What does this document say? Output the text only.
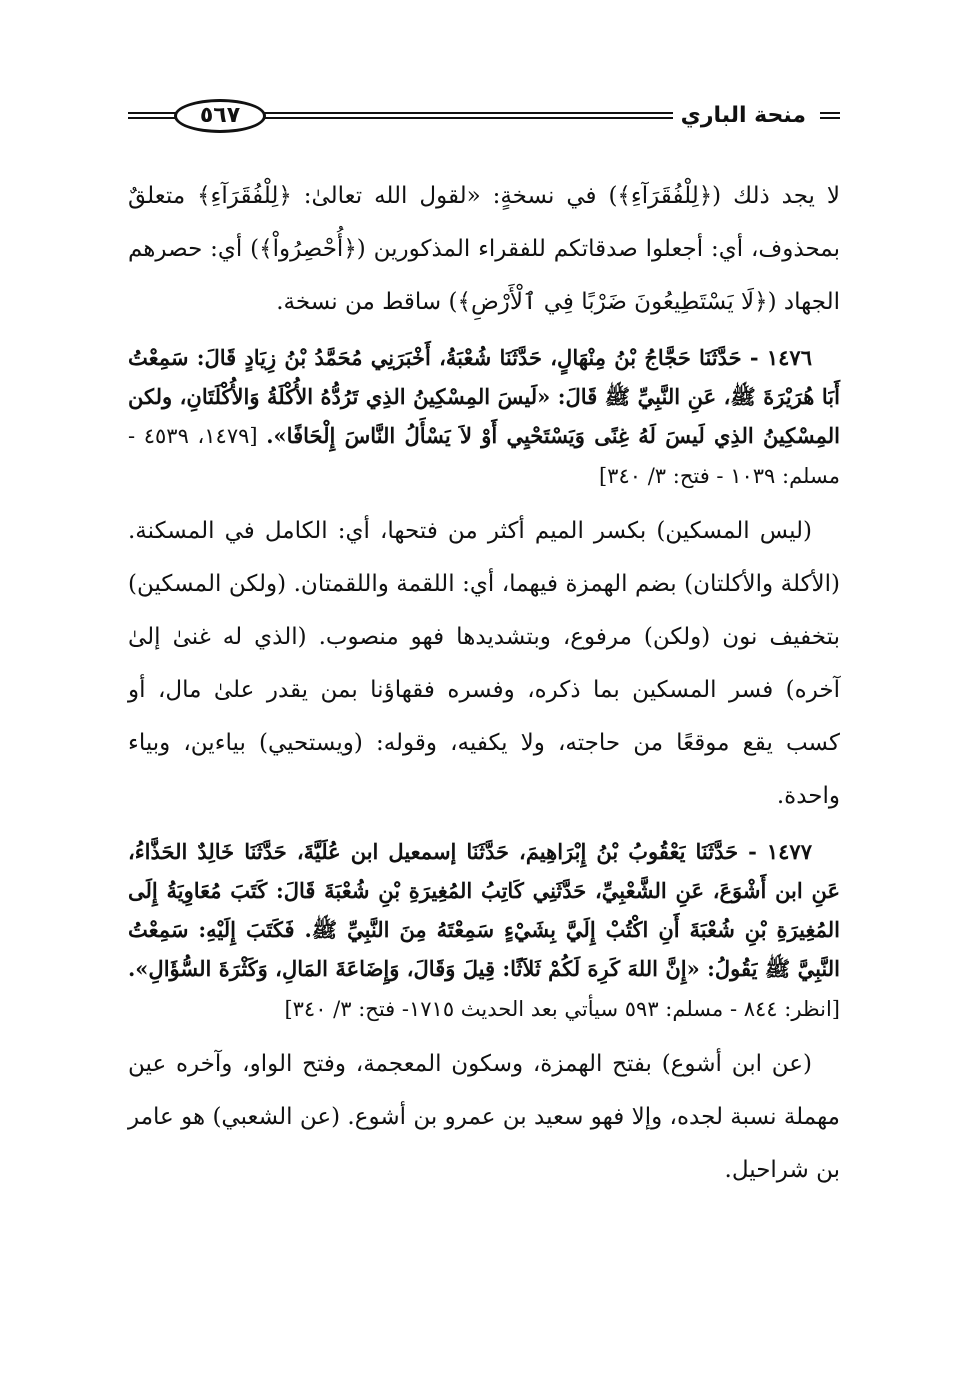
٥٦٧	منحة الباري

لا يجد ذلك (﴿لِلْفُقَرَآءِ﴾) في نسخةٍ: «لقول الله تعالىٰ: ﴿لِلْفُقَرَآءِ﴾ متعلقٌ بمحذوف، أي: أجعلوا صدقاتكم للفقراء المذكورين (﴿أُحْصِرُواْ﴾) أي: حصرهم الجهاد (﴿لَا يَسْتَطِيعُونَ ضَرْبًا فِي ٱلْأَرْضِ﴾) ساقط من نسخة.

١٤٧٦ - حَدَّثَنَا حَجَّاجُ بْنُ مِنْهَالٍ، حَدَّثَنَا شُعْبَةُ، أَخْبَرَنِي مُحَمَّدُ بْنُ زِيَادٍ قَالَ: سَمِعْتُ أَبَا هُرَيْرَةَ ﷺ، عَنِ النَّبِيِّ ﷺ قَالَ: «لَيسَ المِسْكِينُ الذِي تَرُدُّهُ الأُكْلَةُ وَالأُكْلَتَانِ، ولكن المِسْكِينُ الذِي لَيسَ لَهُ غِنًى وَيَسْتَحْيِي أَوْ لاَ يَسْأَلُ النَّاسَ إِلْحَافًا». [١٤٧٩، ٤٥٣٩ - مسلم: ١٠٣٩ - فتح: ٣/ ٣٤٠]

(ليس المسكين) بكسر الميم أكثر من فتحها، أي: الكامل في المسكنة. (الأكلة والأكلتان) بضم الهمزة فيهما، أي: اللقمة واللقمتان. (ولكن المسكين) بتخفيف نون (ولكن) مرفوع، وبتشديدها فهو منصوب. (الذي له غنىٰ إلىٰ آخره) فسر المسكين بما ذكره، وفسره فقهاؤنا بمن يقدر علىٰ مال، أو كسب يقع موقعًا من حاجته، ولا يكفيه، وقوله: (ويستحيي) بياءين، وبياء واحدة.

١٤٧٧ - حَدَّثَنَا يَعْقُوبُ بْنُ إِبْرَاهِيمَ، حَدَّثَنَا إسمعيل ابن عُلَيَّةَ، حَدَّثَنَا خَالِدٌ الحَذَّاءُ، عَنِ ابن أَشْوَعَ، عَنِ الشَّعْبِيِّ، حَدَّثَنِي كَاتِبُ المُغِيرَةِ بْنِ شُعْبَةَ قَالَ: كَتَبَ مُعَاوِيَةُ إِلَى المُغِيرَةِ بْنِ شُعْبَةَ أَنِ اكْتُبْ إِلَيَّ بِشَيْءٍ سَمِعْتَهُ مِنَ النَّبِيِّ ﷺ. فَكَتَبَ إِلَيْهِ: سَمِعْتُ النَّبِيَّ ﷺ يَقُولُ: «إِنَّ اللهَ كَرِهَ لَكُمْ ثَلاَثًا: قِيلَ وَقَالَ، وَإِضَاعَةَ المَالِ، وَكَثْرَةَ السُّؤَالِ». [انظر: ٨٤٤ - مسلم: ٥٩٣ سيأتي بعد الحديث ١٧١٥- فتح: ٣/ ٣٤٠]

(عن ابن أشوع) بفتح الهمزة، وسكون المعجمة، وفتح الواو، وآخره عين مهملة نسبة لجده، وإلا فهو سعيد بن عمرو بن أشوع. (عن الشعبي) هو عامر بن شراحيل.
